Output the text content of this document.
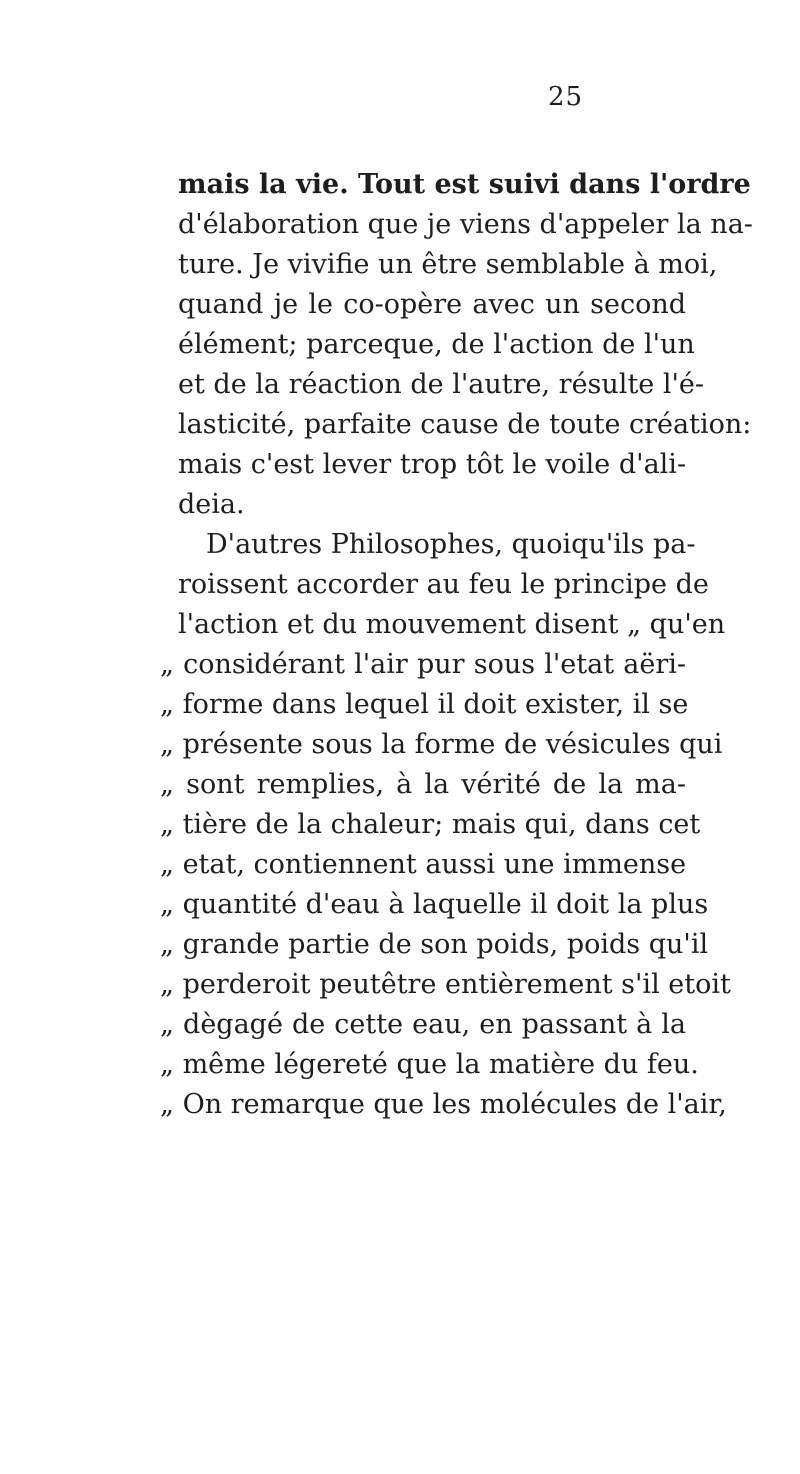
25
mais la vie. Tout est suivi dans l'ordre
d'élaboration que je viens d'appeler la na-
ture. Je vivifie un être semblable à moi,
quand je le co-opère avec un second
élément; parceque, de l'action de l'un
et de la réaction de l'autre, résulte l'é-
lasticité, parfaite cause de toute création:
mais c'est lever trop tôt le voile d'ali-
deia.
D'autres Philosophes, quoiqu'ils pa-
roissent accorder au feu le principe de
l'action et du mouvement disent „ qu'en
„ considérant l'air pur sous l'etat aëri-
„ forme dans lequel il doit exister, il se
„ présente sous la forme de vésicules qui
„ sont remplies, à la vérité de la ma-
„ tière de la chaleur; mais qui, dans cet
„ etat, contiennent aussi une immense
„ quantité d'eau à laquelle il doit la plus
„ grande partie de son poids, poids qu'il
„ perderoit peutêtre entièrement s'il etoit
„ dègagé de cette eau, en passant à la
„ même légereté que la matière du feu.
„ On remarque que les molécules de l'air,
